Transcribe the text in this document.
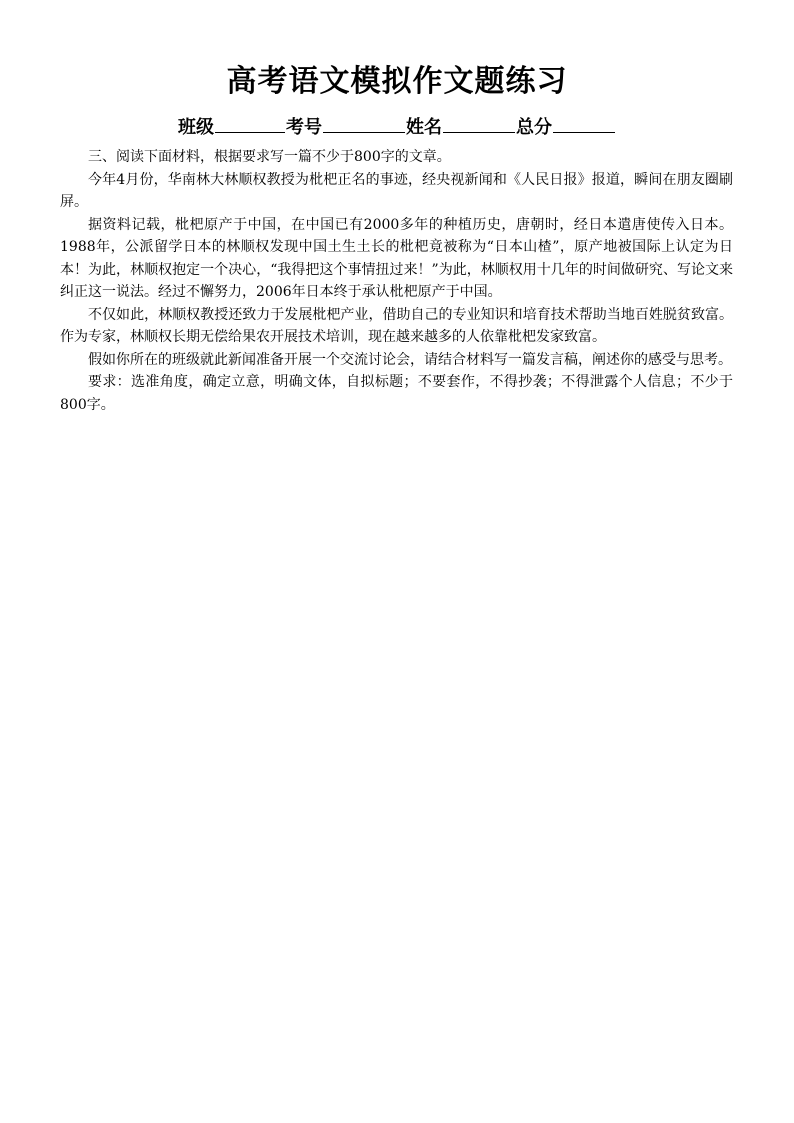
高考语文模拟作文题练习
班级	考号	姓名	总分

三、阅读下面材料，根据要求写一篇不少于800字的文章。

今年4月份，华南林大林顺权教授为枇杷正名的事迹，经央视新闻和《人民日报》报道，瞬间在朋友圈刷屏。

据资料记载，枇杷原产于中国，在中国已有2000多年的种植历史，唐朝时，经日本遣唐使传入日本。1988年，公派留学日本的林顺权发现中国土生土长的枇杷竟被称为“日本山楂”，原产地被国际上认定为日本！为此，林顺权抱定一个决心，“我得把这个事情扭过来！”为此，林顺权用十几年的时间做研究、写论文来纠正这一说法。经过不懈努力，2006年日本终于承认枇杷原产于中国。

不仅如此，林顺权教授还致力于发展枇杷产业，借助自己的专业知识和培育技术帮助当地百姓脱贫致富。作为专家，林顺权长期无偿给果农开展技术培训，现在越来越多的人依靠枇杷发家致富。

假如你所在的班级就此新闻准备开展一个交流讨论会，请结合材料写一篇发言稿，阐述你的感受与思考。

要求：选准角度，确定立意，明确文体，自拟标题；不要套作，不得抄袭；不得泄露个人信息；不少于800字。
